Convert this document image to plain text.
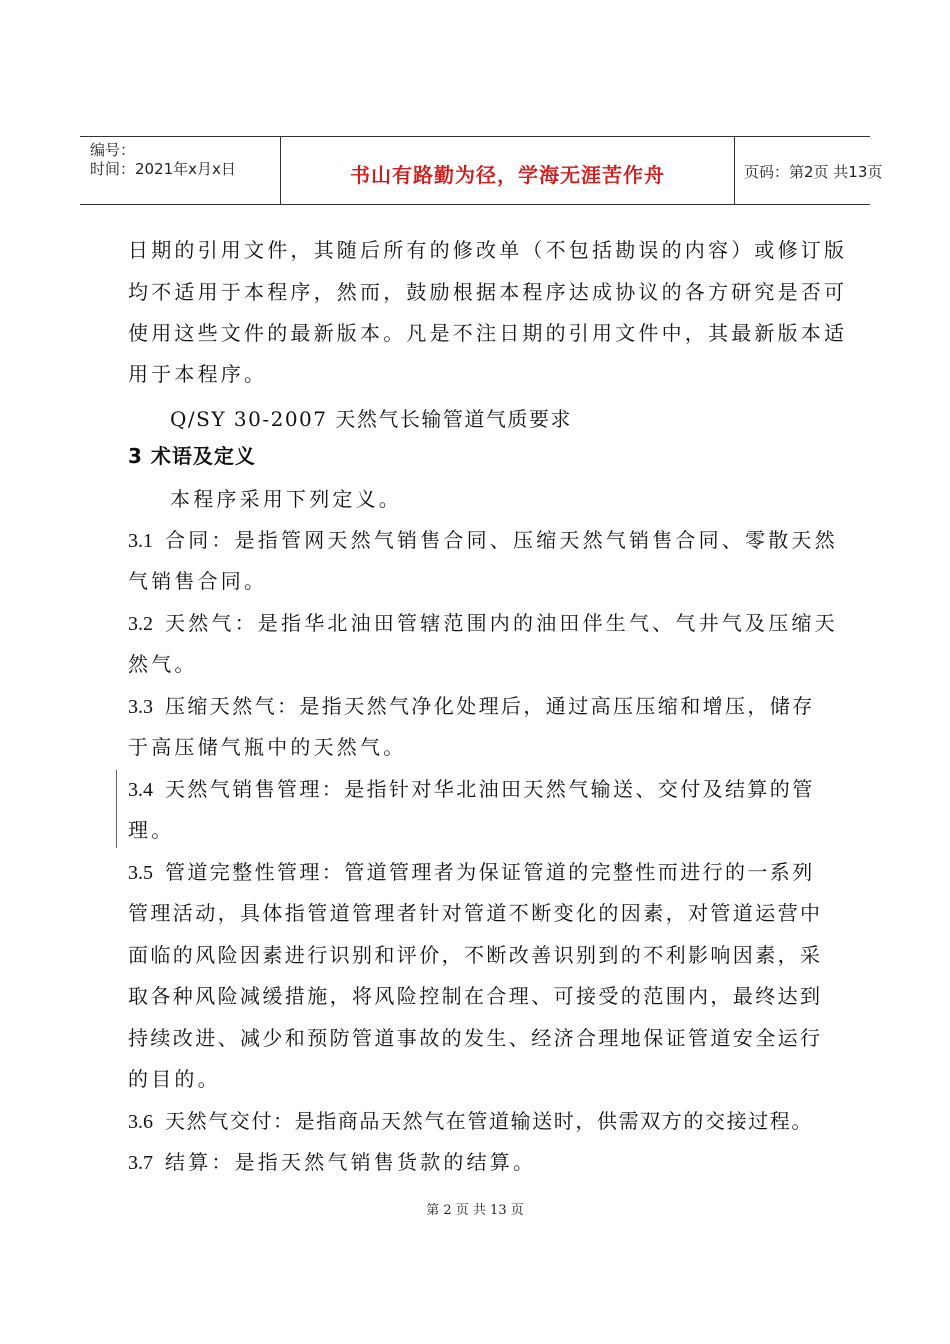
编号：
时间：2021年x月x日	书山有路勤为径，学海无涯苦作舟	页码：第2页 共13页
日期的引用文件，其随后所有的修改单（不包括勘误的内容）或修订版
均不适用于本程序，然而，鼓励根据本程序达成协议的各方研究是否可
使用这些文件的最新版本。凡是不注日期的引用文件中，其最新版本适
用于本程序。
Q/SY 30-2007 天然气长输管道气质要求
3 术语及定义
本程序采用下列定义。
3.1 合同：是指管网天然气销售合同、压缩天然气销售合同、零散天然
气销售合同。
3.2 天然气：是指华北油田管辖范围内的油田伴生气、气井气及压缩天
然气。
3.3 压缩天然气：是指天然气净化处理后，通过高压压缩和增压，储存
于高压储气瓶中的天然气。
3.4 天然气销售管理：是指针对华北油田天然气输送、交付及结算的管
理。
3.5 管道完整性管理：管道管理者为保证管道的完整性而进行的一系列
管理活动，具体指管道管理者针对管道不断变化的因素，对管道运营中
面临的风险因素进行识别和评价，不断改善识别到的不利影响因素，采
取各种风险减缓措施，将风险控制在合理、可接受的范围内，最终达到
持续改进、减少和预防管道事故的发生、经济合理地保证管道安全运行
的目的。
3.6 天然气交付：是指商品天然气在管道输送时，供需双方的交接过程。
3.7 结算：是指天然气销售货款的结算。
第 2 页 共 13 页
